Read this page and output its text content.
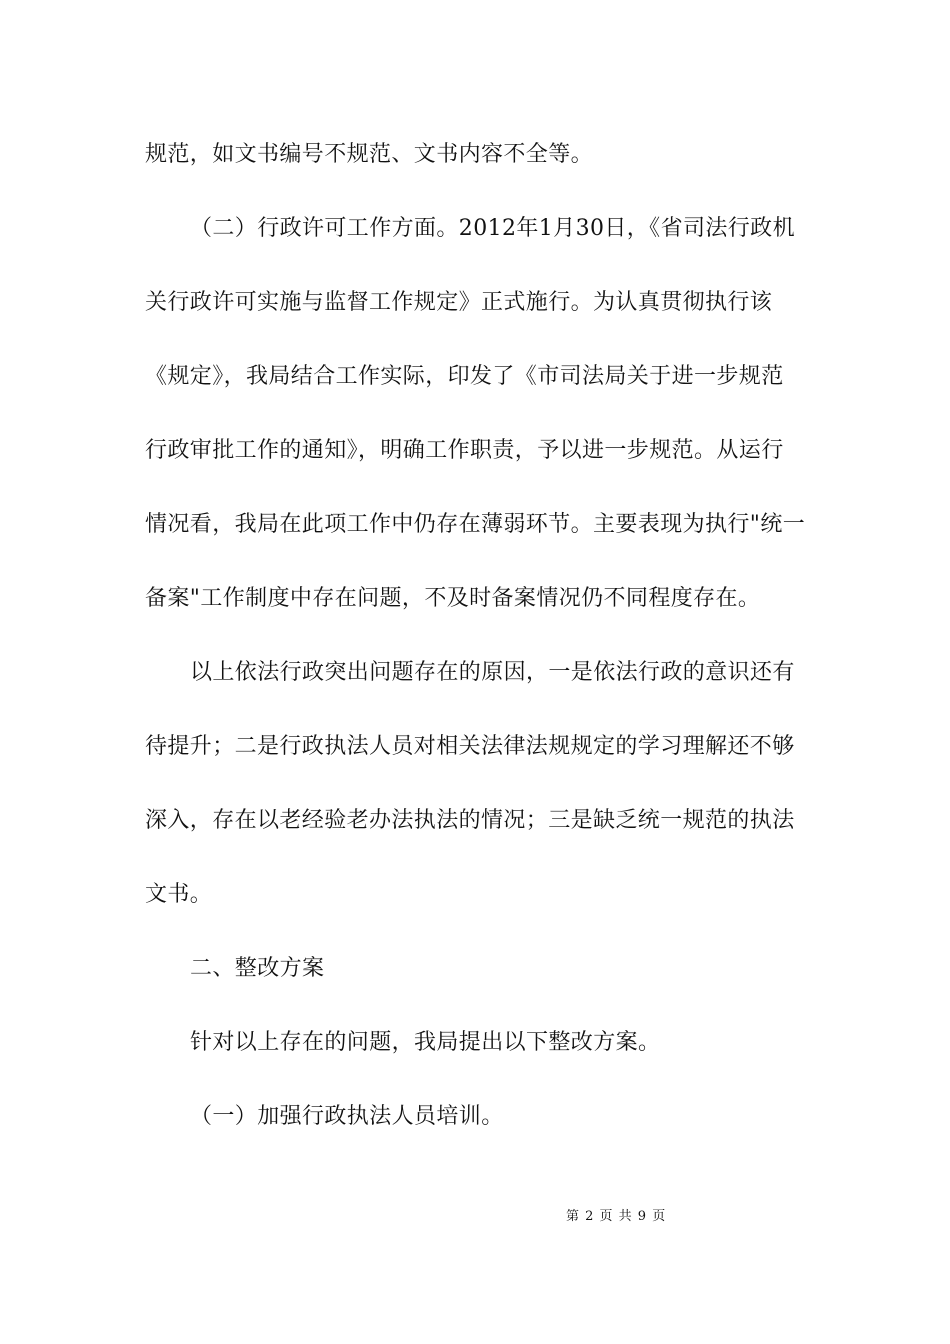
规范，如文书编号不规范、文书内容不全等。
（二）行政许可工作方面。2012年1月30日，《省司法行政机
关行政许可实施与监督工作规定》正式施行。为认真贯彻执行该
《规定》，我局结合工作实际，印发了《市司法局关于进一步规范
行政审批工作的通知》，明确工作职责，予以进一步规范。从运行
情况看，我局在此项工作中仍存在薄弱环节。主要表现为执行"统一
备案"工作制度中存在问题，不及时备案情况仍不同程度存在。
以上依法行政突出问题存在的原因，一是依法行政的意识还有
待提升；二是行政执法人员对相关法律法规规定的学习理解还不够
深入，存在以老经验老办法执法的情况；三是缺乏统一规范的执法
文书。
二、整改方案
针对以上存在的问题，我局提出以下整改方案。
（一）加强行政执法人员培训。
第 2 页 共 9 页
